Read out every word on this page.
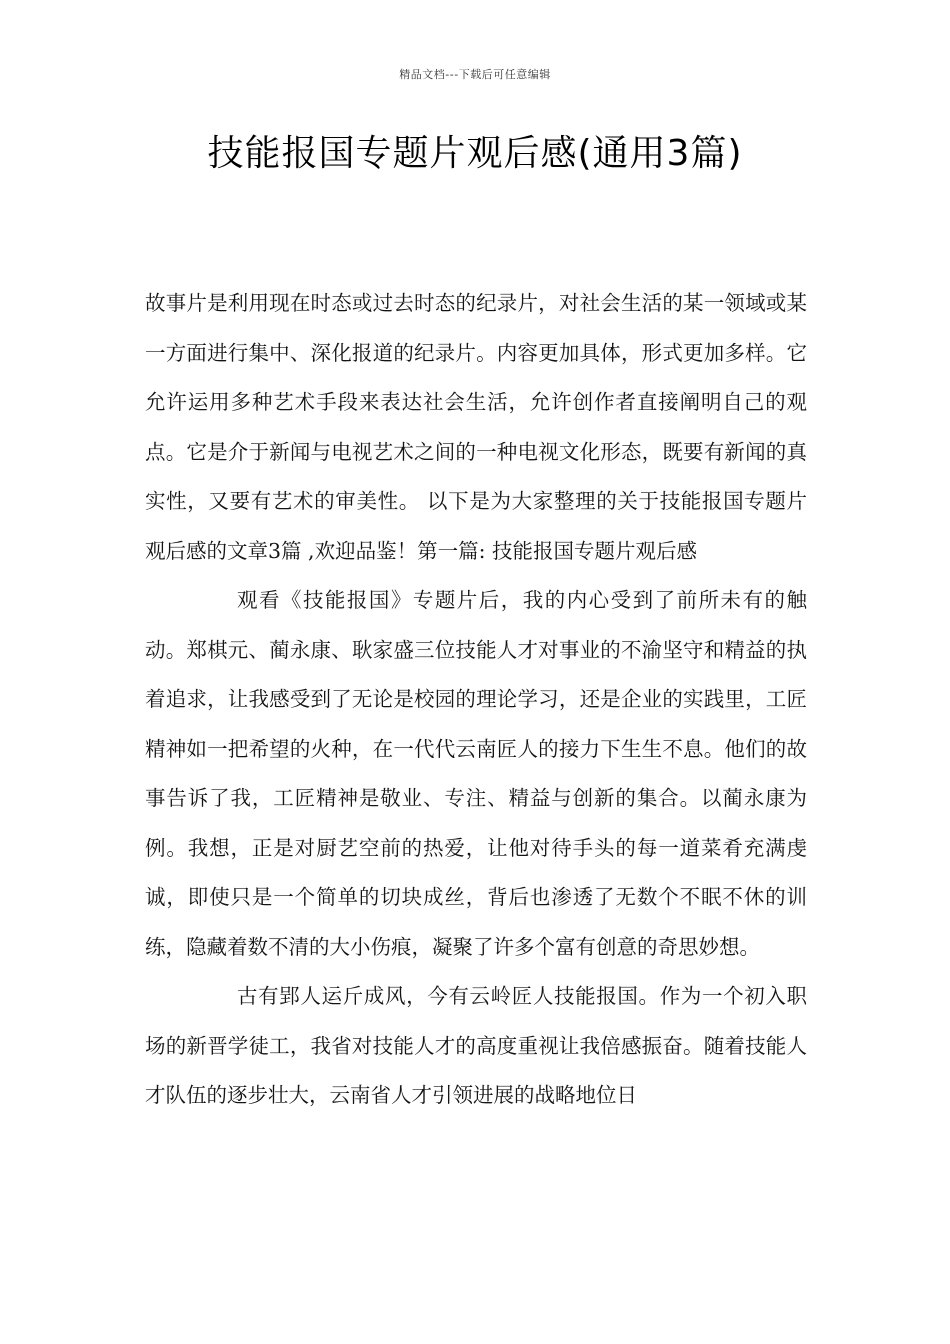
精品文档---下载后可任意编辑
技能报国专题片观后感(通用3篇)

故事片是利用现在时态或过去时态的纪录片，对社会生活的某一领域或某一方面进行集中、深化报道的纪录片。内容更加具体，形式更加多样。它允许运用多种艺术手段来表达社会生活，允许创作者直接阐明自己的观点。它是介于新闻与电视艺术之间的一种电视文化形态，既要有新闻的真实性，又要有艺术的审美性。 以下是为大家整理的关于技能报国专题片观后感的文章3篇 ,欢迎品鉴！第一篇: 技能报国专题片观后感

观看《技能报国》专题片后，我的内心受到了前所未有的触动。郑棋元、蔺永康、耿家盛三位技能人才对事业的不渝坚守和精益的执着追求，让我感受到了无论是校园的理论学习，还是企业的实践里，工匠精神如一把希望的火种，在一代代云南匠人的接力下生生不息。他们的故事告诉了我，工匠精神是敬业、专注、精益与创新的集合。以蔺永康为例。我想，正是对厨艺空前的热爱，让他对待手头的每一道菜肴充满虔诚，即使只是一个简单的切块成丝，背后也渗透了无数个不眠不休的训练，隐藏着数不清的大小伤痕，凝聚了许多个富有创意的奇思妙想。

古有郢人运斤成风，今有云岭匠人技能报国。作为一个初入职场的新晋学徒工，我省对技能人才的高度重视让我倍感振奋。随着技能人才队伍的逐步壮大，云南省人才引领进展的战略地位日
